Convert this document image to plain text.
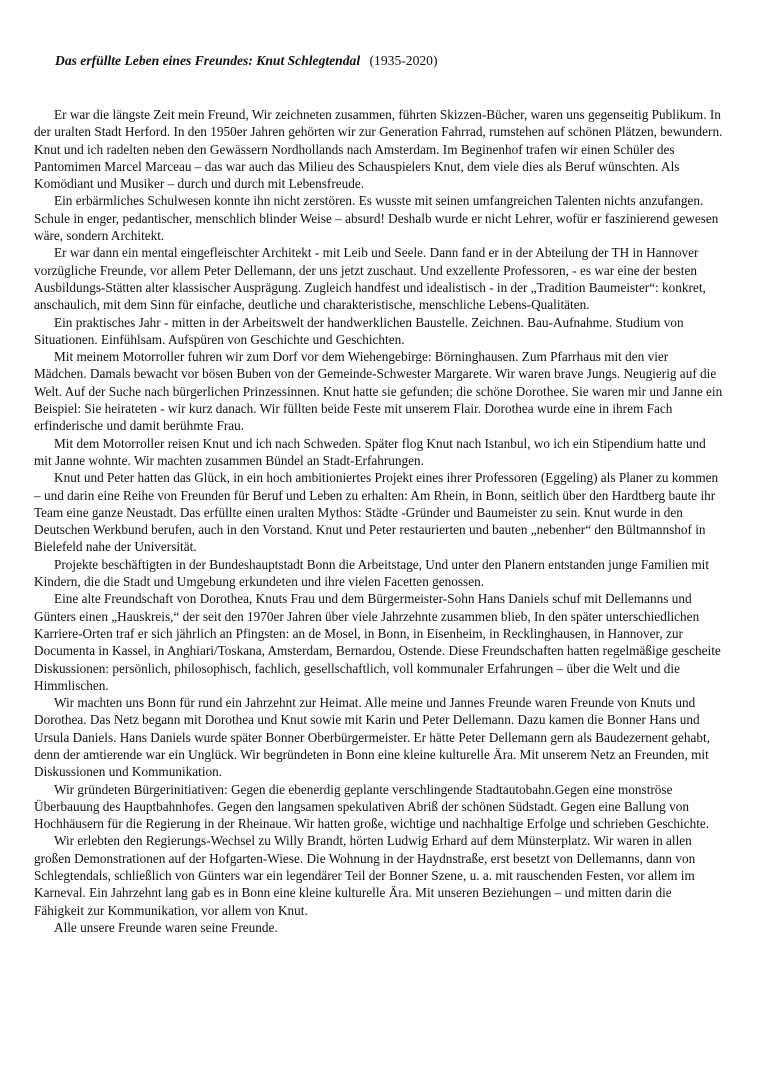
Das erfüllte Leben eines Freundes: Knut Schlegtendal (1935-2020)

Er war die längste Zeit mein Freund, Wir zeichneten zusammen, führten Skizzen-Bücher, waren uns gegenseitig Publikum. In der uralten Stadt Herford. In den 1950er Jahren gehörten wir zur Generation Fahrrad, rumstehen auf schönen Plätzen, bewundern. Knut und ich radelten neben den Gewässern Nordhollands nach Amsterdam. Im Beginenhof trafen wir einen Schüler des Pantomimen Marcel Marceau – das war auch das Milieu des Schauspielers Knut, dem viele dies als Beruf wünschten. Als Komödiant und Musiker – durch und durch mit Lebensfreude.

Ein erbärmliches Schulwesen konnte ihn nicht zerstören. Es wusste mit seinen umfangreichen Talenten nichts anzufangen. Schule in enger, pedantischer, menschlich blinder Weise – absurd! Deshalb wurde er nicht Lehrer, wofür er faszinierend gewesen wäre, sondern Architekt.

Er war dann ein mental eingefleischter Architekt - mit Leib und Seele. Dann fand er in der Abteilung der TH in Hannover vorzügliche Freunde, vor allem Peter Dellemann, der uns jetzt zuschaut. Und exzellente Professoren, - es war eine der besten Ausbildungs-Stätten alter klassischer Ausprägung. Zugleich handfest und idealistisch - in der „Tradition Baumeister“: konkret, anschaulich, mit dem Sinn für einfache, deutliche und charakteristische, menschliche Lebens-Qualitäten.

Ein praktisches Jahr - mitten in der Arbeitswelt der handwerklichen Baustelle. Zeichnen. Bau-Aufnahme. Studium von Situationen. Einfühlsam. Aufspüren von Geschichte und Geschichten.

Mit meinem Motorroller fuhren wir zum Dorf vor dem Wiehengebirge: Börninghausen. Zum Pfarrhaus mit den vier Mädchen. Damals bewacht vor bösen Buben von der Gemeinde-Schwester Margarete. Wir waren brave Jungs. Neugierig auf die Welt. Auf der Suche nach bürgerlichen Prinzessinnen. Knut hatte sie gefunden; die schöne Dorothee. Sie waren mir und Janne ein Beispiel: Sie heirateten - wir kurz danach. Wir füllten beide Feste mit unserem Flair. Dorothea wurde eine in ihrem Fach erfinderische und damit berühmte Frau.

Mit dem Motorroller reisen Knut und ich nach Schweden. Später flog Knut nach Istanbul, wo ich ein Stipendium hatte und mit Janne wohnte. Wir machten zusammen Bündel an Stadt-Erfahrungen.

Knut und Peter hatten das Glück, in ein hoch ambitioniertes Projekt eines ihrer Professoren (Eggeling) als Planer zu kommen – und darin eine Reihe von Freunden für Beruf und Leben zu erhalten: Am Rhein, in Bonn, seitlich über den Hardtberg baute ihr Team eine ganze Neustadt. Das erfüllte einen uralten Mythos: Städte -Gründer und Baumeister zu sein. Knut wurde in den Deutschen Werkbund berufen, auch in den Vorstand. Knut und Peter restaurierten und bauten „nebenher“ den Bültmannshof in Bielefeld nahe der Universität.

Projekte beschäftigten in der Bundeshauptstadt Bonn die Arbeitstage, Und unter den Planern entstanden junge Familien mit Kindern, die die Stadt und Umgebung erkundeten und ihre vielen Facetten genossen.

Eine alte Freundschaft von Dorothea, Knuts Frau und dem Bürgermeister-Sohn Hans Daniels schuf mit Dellemanns und Günters einen „Hauskreis,“ der seit den 1970er Jahren über viele Jahrzehnte zusammen blieb, In den später unterschiedlichen Karriere-Orten traf er sich jährlich an Pfingsten: an de Mosel, in Bonn, in Eisenheim, in Recklinghausen, in Hannover, zur Documenta in Kassel, in Anghiari/Toskana, Amsterdam, Bernardou, Ostende. Diese Freundschaften hatten regelmäßige gescheite Diskussionen: persönlich, philosophisch, fachlich, gesellschaftlich, voll kommunaler Erfahrungen – über die Welt und die Himmlischen.

Wir machten uns Bonn für rund ein Jahrzehnt zur Heimat. Alle meine und Jannes Freunde waren Freunde von Knuts und Dorothea. Das Netz begann mit Dorothea und Knut sowie mit Karin und Peter Dellemann. Dazu kamen die Bonner Hans und Ursula Daniels. Hans Daniels wurde später Bonner Oberbürgermeister. Er hätte Peter Dellemann gern als Baudezernent gehabt, denn der amtierende war ein Unglück. Wir begründeten in Bonn eine kleine kulturelle Ära. Mit unserem Netz an Freunden, mit Diskussionen und Kommunikation.

Wir gründeten Bürgerinitiativen: Gegen die ebenerdig geplante verschlingende Stadtautobahn.Gegen eine monströse Überbauung des Hauptbahnhofes. Gegen den langsamen spekulativen Abriß der schönen Südstadt. Gegen eine Ballung von Hochhäusern für die Regierung in der Rheinaue. Wir hatten große, wichtige und nachhaltige Erfolge und schrieben Geschichte.

Wir erlebten den Regierungs-Wechsel zu Willy Brandt, hörten Ludwig Erhard auf dem Münsterplatz. Wir waren in allen großen Demonstrationen auf der Hofgarten-Wiese. Die Wohnung in der Haydnstraße, erst besetzt von Dellemanns, dann von Schlegtendals, schließlich von Günters war ein legendärer Teil der Bonner Szene, u. a. mit rauschenden Festen, vor allem im Karneval. Ein Jahrzehnt lang gab es in Bonn eine kleine kulturelle Ära. Mit unseren Beziehungen – und mitten darin die Fähigkeit zur Kommunikation, vor allem von Knut.

Alle unsere Freunde waren seine Freunde.
